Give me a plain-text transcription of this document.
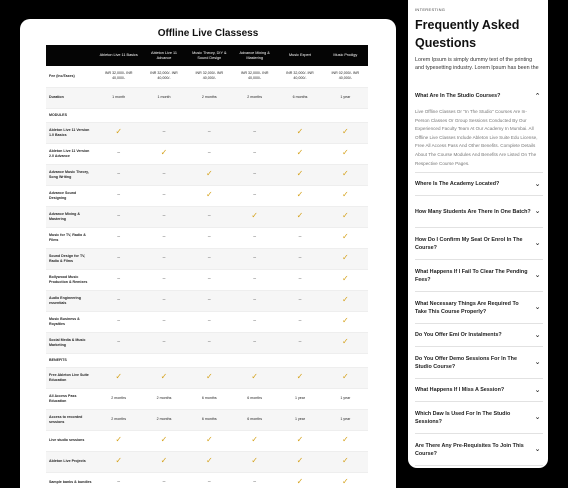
Offline Live Classess
	Ableton Live 11 Basics	Ableton Live 11 Advance	Music Theory, DIY & Sound Design	Advance Mixing & Mastering	Music Expert	Music Prodigy
Fee (Inc/Taxes)	INR 32,000/- INR 40,000/-	INR 32,000/- INR 40,000/-	INR 32,000/- INR 40,000/-	INR 32,000/- INR 40,000/-	INR 32,000/- INR 40,000/-	INR 02,000/- INR 40,000/-
Duration	1 month	1 month	2 months	2 months	6 months	1 year
MODULES						
Ableton Live 11 Version 1.0 Basics	✓	–	–	–	✓	✓
Ableton Live 11 Version 2.0 Advance	–	✓	–	–	✓	✓
Advance Music Theory, Song Writing	–	–	✓	–	✓	✓
Advance Sound Designing	–	–	✓	–	✓	✓
Advance Mixing & Mastering	–	–	–	✓	✓	✓
Music for TV, Radio & Films	–	–	–	–	–	✓
Sound Design for TV, Radio & Films	–	–	–	–	–	✓
Bollywood Music Production & Remixes	–	–	–	–	–	✓
Audio Engineering essentials	–	–	–	–	–	✓
Music Business & Royalties	–	–	–	–	–	✓
Social Media & Music Marketing	–	–	–	–	–	✓
BENEFITS						
Free Ableton Live Suite Education	✓	✓	✓	✓	✓	✓
All Access Pass Education	2 months	2 months	6 months	6 months	1 year	1 year
Access to recorded sessions	2 months	2 months	6 months	6 months	1 year	1 year
Live studio sessions	✓	✓	✓	✓	✓	✓
Ableton Live Projects	✓	✓	✓	✓	✓	✓
Sample banks & bundles	–	–	–	–	✓	✓
INTERESTING
Frequently Asked Questions
Lorem Ipsum is simply dummy text of the printing and typesetting industry. Lorem Ipsum has been the
What Are In The Studio Courses?	⌃
Live Offline Classes Or "In The Studio" Courses Are In-Person Classes Or Group Sessions Conducted By Our Experienced Faculty Team At Our Academy In Mumbai. All Offline Live Classes Include Ableton Live Suite Edu License, Free All Access Pass And Other Benefits. Complete Details About The Course Modules And Benefits Are Listed On The Respective Course Pages.
Where Is The Academy Located?	⌄
How Many Students Are There In One Batch? ⌄
How Do I Confirm My Seat Or Enrol In The Course?
⌄
What Happens If I Fail To Clear The Pending Fees?
⌄
What Necessary Things Are Required To Take This Course Properly?
⌄
Do You Offer Emi Or Instalments?	⌄
Do You Offer Demo Sessions For In The Studio Course?
⌄
What Happens If I Miss A Session?	⌄
Which Daw Is Used For In The Studio Sessions?
⌄
Are There Any Pre-Requisites To Join This Course?
⌄
